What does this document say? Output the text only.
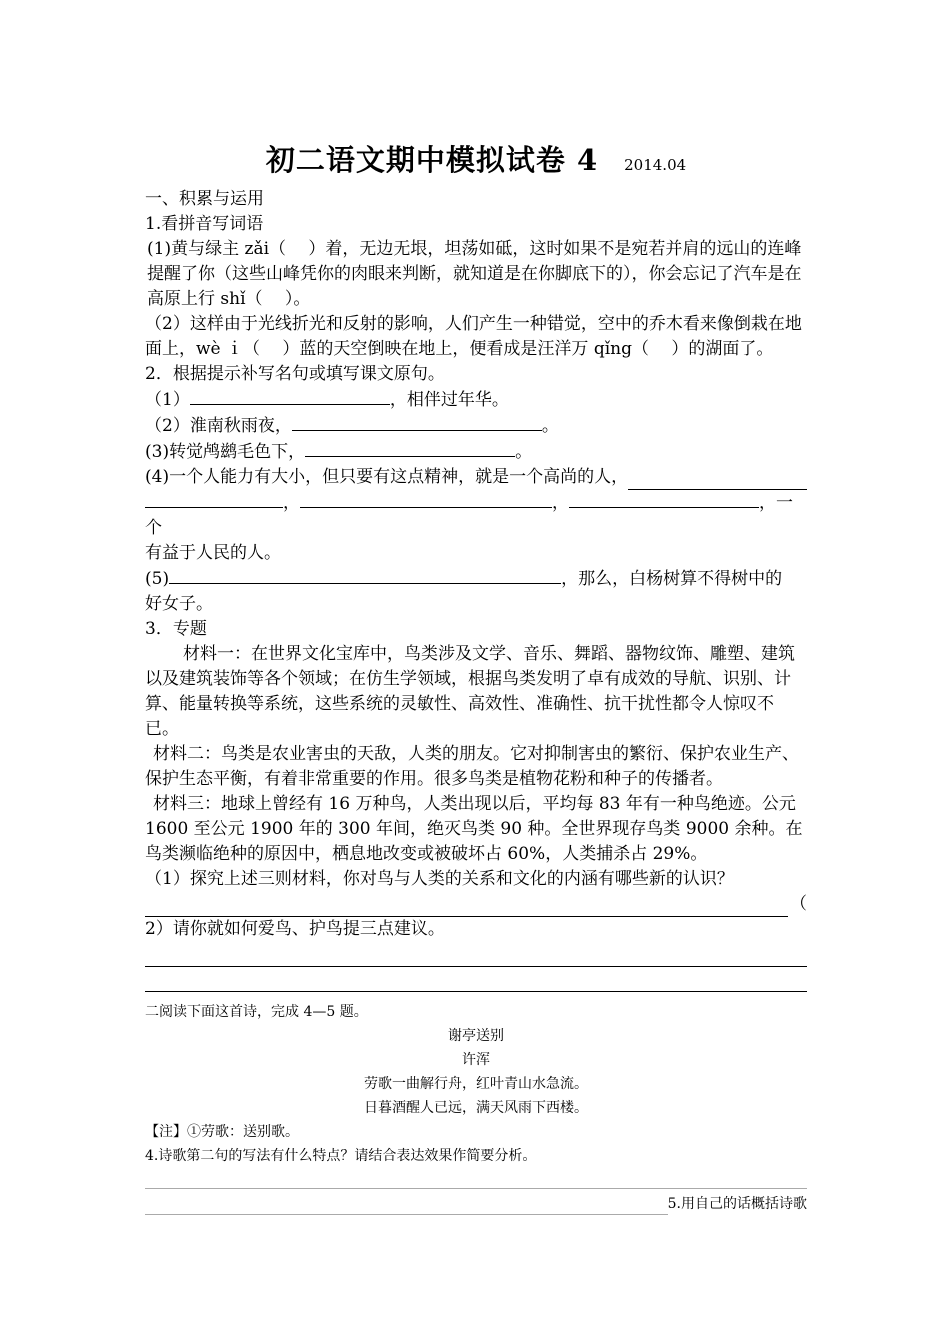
初二语文期中模拟试卷 4 2014.04

一、积累与运用

1.看拼音写词语

(1)黄与绿主 zǎi（　 ）着，无边无垠，坦荡如砥，这时如果不是宛若并肩的远山的连峰提醒了你（这些山峰凭你的肉眼来判断，就知道是在你脚底下的），你会忘记了汽车是在高原上行 shǐ（　 ）。

（2）这样由于光线折光和反射的影响，人们产生一种错觉，空中的乔木看来像倒栽在地面上，wè ｉ（　 ）蓝的天空倒映在地上，便看成是汪洋万 qǐng（　 ）的湖面了。

2．根据提示补写名句或填写课文原句。

（1）	，相伴过年华。

（2）淮南秋雨夜，	。

(3)转觉鸬鹚毛色下，	。

(4)一个人能力有大小，但只要有这点精神，就是一个高尚的人，

，	，	，一个

有益于人民的人。

(5)	，那么，白杨树算不得树中的

好女子。

3．专题

材料一：在世界文化宝库中，鸟类涉及文学、音乐、舞蹈、器物纹饰、雕塑、建筑以及建筑装饰等各个领域；在仿生学领域，根据鸟类发明了卓有成效的导航、识别、计算、能量转换等系统，这些系统的灵敏性、高效性、准确性、抗干扰性都令人惊叹不已。

材料二：鸟类是农业害虫的天敌，人类的朋友。它对抑制害虫的繁衍、保护农业生产、保护生态平衡，有着非常重要的作用。很多鸟类是植物花粉和种子的传播者。

材料三：地球上曾经有 16 万种鸟，人类出现以后，平均每 83 年有一种鸟绝迹。公元 1600 至公元 1900 年的 300 年间，绝灭鸟类 90 种。全世界现存鸟类 9000 余种。在鸟类濒临绝种的原因中，栖息地改变或被破坏占 60%，人类捕杀占 29%。

（1）探究上述三则材料，你对鸟与人类的关系和文化的内涵有哪些新的认识？

（

2）请你就如何爱鸟、护鸟提三点建议。

二阅读下面这首诗，完成 4—5 题。

谢亭送别

许浑

劳歌一曲解行舟，红叶青山水急流。

日暮酒醒人已远，满天风雨下西楼。

【注】①劳歌：送别歌。

4.诗歌第二句的写法有什么特点？请结合表达效果作简要分析。

5.用自己的话概括诗歌
